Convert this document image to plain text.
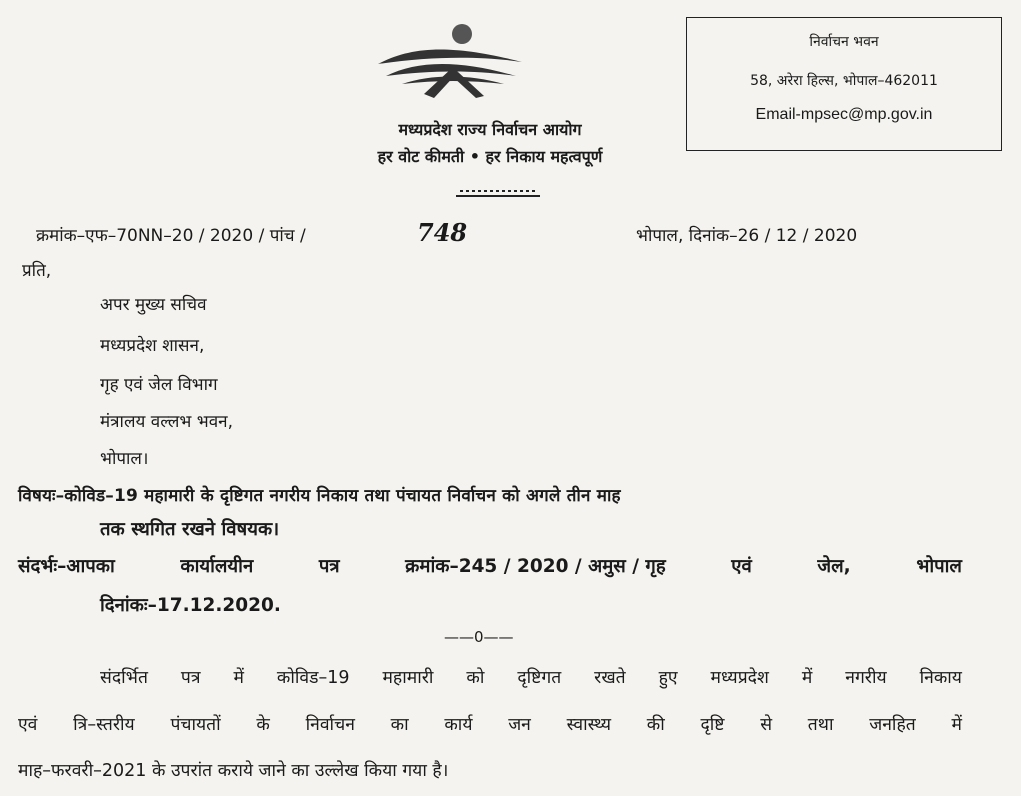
मध्यप्रदेश राज्य निर्वाचन आयोग
हर वोट कीमती • हर निकाय महत्वपूर्ण
निर्वाचन भवन
58, अरेरा हिल्स, भोपाल–462011
Email-mpsec@mp.gov.in
क्रमांक–एफ–70NN–20 / 2020 / पांच /	748	भोपाल, दिनांक–26 / 12 / 2020
प्रति,
अपर मुख्य सचिव
मध्यप्रदेश शासन,
गृह एवं जेल विभाग
मंत्रालय वल्लभ भवन,
भोपाल।
विषयः–कोविड–19 महामारी के दृष्टिगत नगरीय निकाय तथा पंचायत निर्वाचन को अगले तीन माह
तक स्थगित रखने विषयक।
संदर्भः–आपका	कार्यालयीन	पत्र	क्रमांक–245 / 2020 / अमुस / गृह	एवं	जेल,	भोपाल
दिनांकः–17.12.2020.
——0——
संदर्भित पत्र में कोविड–19 महामारी को दृष्टिगत रखते हुए मध्यप्रदेश में नगरीय निकाय
एवं त्रि–स्तरीय पंचायतों के निर्वाचन का कार्य जन स्वास्थ्य की दृष्टि से तथा जनहित में
माह–फरवरी–2021 के उपरांत कराये जाने का उल्लेख किया गया है।
